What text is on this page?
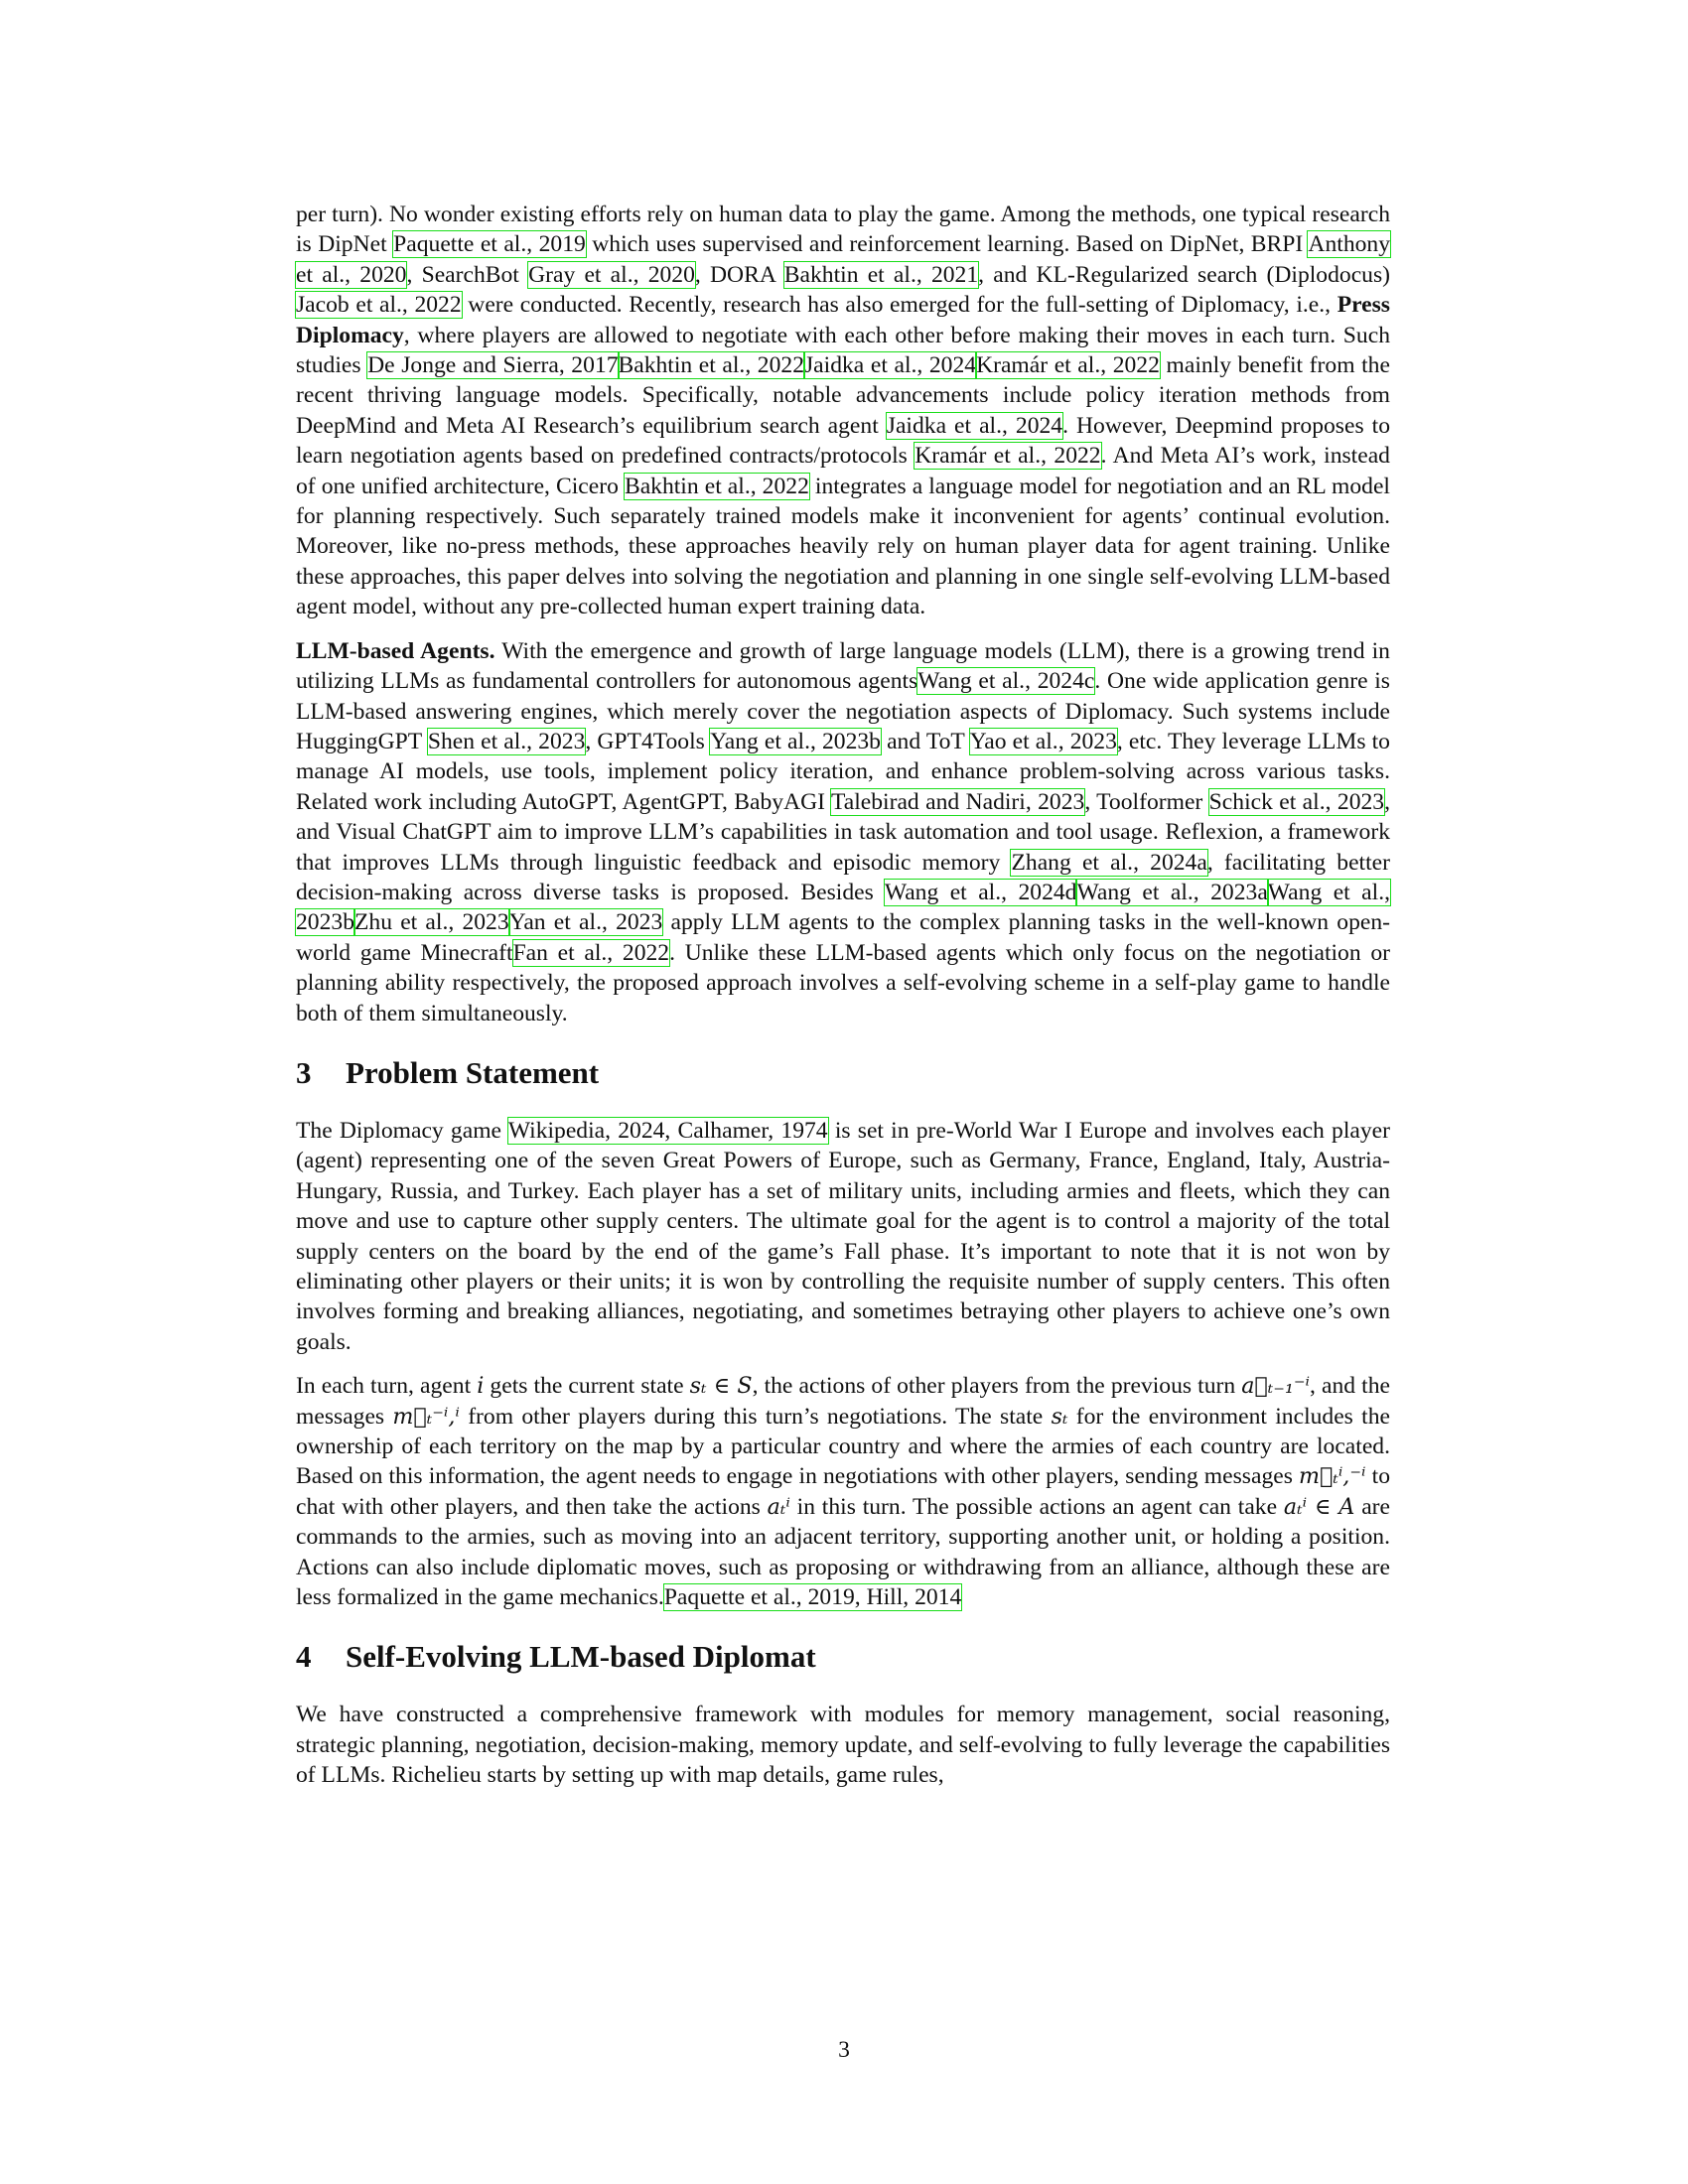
per turn). No wonder existing efforts rely on human data to play the game. Among the methods, one typical research is DipNet Paquette et al., 2019 which uses supervised and reinforcement learning. Based on DipNet, BRPI Anthony et al., 2020, SearchBot Gray et al., 2020, DORA Bakhtin et al., 2021, and KL-Regularized search (Diplodocus) Jacob et al., 2022 were conducted. Recently, research has also emerged for the full-setting of Diplomacy, i.e., Press Diplomacy, where players are allowed to negotiate with each other before making their moves in each turn. Such studies De Jonge and Sierra, 2017Bakhtin et al., 2022Jaidka et al., 2024Kramár et al., 2022 mainly benefit from the recent thriving language models. Specifically, notable advancements include policy iteration methods from DeepMind and Meta AI Research’s equilibrium search agent Jaidka et al., 2024. However, Deepmind proposes to learn negotiation agents based on predefined contracts/protocols Kramár et al., 2022. And Meta AI’s work, instead of one unified architecture, Cicero Bakhtin et al., 2022 integrates a language model for negotiation and an RL model for planning respectively. Such separately trained models make it inconvenient for agents’ continual evolution. Moreover, like no-press methods, these approaches heavily rely on human player data for agent training. Unlike these approaches, this paper delves into solving the negotiation and planning in one single self-evolving LLM-based agent model, without any pre-collected human expert training data.

LLM-based Agents. With the emergence and growth of large language models (LLM), there is a growing trend in utilizing LLMs as fundamental controllers for autonomous agentsWang et al., 2024c. One wide application genre is LLM-based answering engines, which merely cover the negotiation aspects of Diplomacy. Such systems include HuggingGPT Shen et al., 2023, GPT4Tools Yang et al., 2023b and ToT Yao et al., 2023, etc. They leverage LLMs to manage AI models, use tools, implement policy iteration, and enhance problem-solving across various tasks. Related work including AutoGPT, AgentGPT, BabyAGI Talebirad and Nadiri, 2023, Toolformer Schick et al., 2023, and Visual ChatGPT aim to improve LLM’s capabilities in task automation and tool usage. Reflexion, a framework that improves LLMs through linguistic feedback and episodic memory Zhang et al., 2024a, facilitating better decision-making across diverse tasks is proposed. Besides Wang et al., 2024dWang et al., 2023aWang et al., 2023bZhu et al., 2023Yan et al., 2023 apply LLM agents to the complex planning tasks in the well-known open-world game MinecraftFan et al., 2022. Unlike these LLM-based agents which only focus on the negotiation or planning ability respectively, the proposed approach involves a self-evolving scheme in a self-play game to handle both of them simultaneously.

3 Problem Statement

The Diplomacy game Wikipedia, 2024, Calhamer, 1974 is set in pre-World War I Europe and involves each player (agent) representing one of the seven Great Powers of Europe, such as Germany, France, England, Italy, Austria-Hungary, Russia, and Turkey. Each player has a set of military units, including armies and fleets, which they can move and use to capture other supply centers. The ultimate goal for the agent is to control a majority of the total supply centers on the board by the end of the game’s Fall phase. It’s important to note that it is not won by eliminating other players or their units; it is won by controlling the requisite number of supply centers. This often involves forming and breaking alliances, negotiating, and sometimes betraying other players to achieve one’s own goals.

In each turn, agent i gets the current state sₜ ∈ S, the actions of other players from the previous turn a⃗ₜ₋₁⁻ⁱ, and the messages m⃗ₜ⁻ⁱ,ⁱ from other players during this turn’s negotiations. The state sₜ for the environment includes the ownership of each territory on the map by a particular country and where the armies of each country are located. Based on this information, the agent needs to engage in negotiations with other players, sending messages m⃗ₜⁱ,⁻ⁱ to chat with other players, and then take the actions aₜⁱ in this turn. The possible actions an agent can take aₜⁱ ∈ A are commands to the armies, such as moving into an adjacent territory, supporting another unit, or holding a position. Actions can also include diplomatic moves, such as proposing or withdrawing from an alliance, although these are less formalized in the game mechanics.Paquette et al., 2019, Hill, 2014

4 Self-Evolving LLM-based Diplomat

We have constructed a comprehensive framework with modules for memory management, social reasoning, strategic planning, negotiation, decision-making, memory update, and self-evolving to fully leverage the capabilities of LLMs. Richelieu starts by setting up with map details, game rules,

3
